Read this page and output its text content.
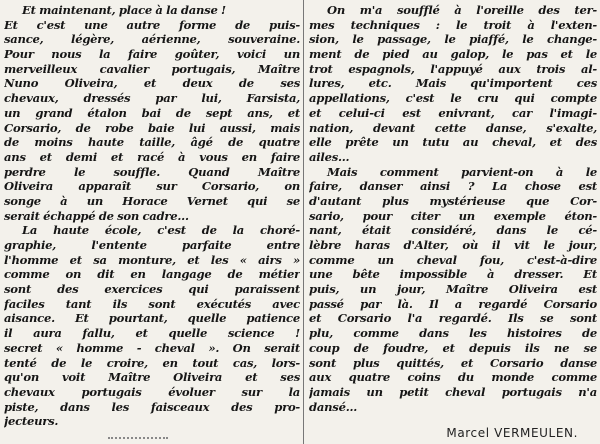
Et maintenant, place à la danse !
Et c'est une autre forme de puis-
sance, légère, aérienne, souveraine.
Pour nous la faire goûter, voici un
merveilleux cavalier portugais, Maître
Nuno Oliveira, et deux de ses
chevaux, dressés par lui, Farsista,
un grand étalon bai de sept ans, et
Corsario, de robe baie lui aussi, mais
de moins haute taille, âgé de quatre
ans et demi et racé à vous en faire
perdre le souffle. Quand Maître
Oliveira apparaît sur Corsario, on
songe à un Horace Vernet qui se
serait échappé de son cadre...
La haute école, c'est de la choré-
graphie, l'entente parfaite entre
l'homme et sa monture, et les « airs »
comme on dit en langage de métier
sont des exercices qui paraissent
faciles tant ils sont exécutés avec
aisance. Et pourtant, quelle patience
il aura fallu, et quelle science !
secret « homme - cheval ». On serait
tenté de le croire, en tout cas, lors-
qu'on voit Maître Oliveira et ses
chevaux portugais évoluer sur la
piste, dans les faisceaux des pro-
jecteurs.
On m'a soufflé à l'oreille des ter-
mes techniques : le troit à l'exten-
sion, le passage, le piaffé, le change-
ment de pied au galop, le pas et le
trot espagnols, l'appuyé aux trois al-
lures, etc. Mais qu'importent ces
appellations, c'est le cru qui compte
et celui-ci est enivrant, car l'imagi-
nation, devant cette danse, s'exalte,
elle prête un tutu au cheval, et des
ailes...
Mais comment parvient-on à le
faire, danser ainsi ? La chose est
d'autant plus mystérieuse que Cor-
sario, pour citer un exemple éton-
nant, était considéré, dans le cé-
lèbre haras d'Alter, où il vit le jour,
comme un cheval fou, c'est-à-dire
une bête impossible à dresser. Et
puis, un jour, Maître Oliveira est
passé par là. Il a regardé Corsario
et Corsario l'a regardé. Ils se sont
plu, comme dans les histoires de
coup de foudre, et depuis ils ne se
sont plus quittés, et Corsario danse
aux quatre coins du monde comme
jamais un petit cheval portugais n'a
dansé...
Marcel VERMEULEN.
